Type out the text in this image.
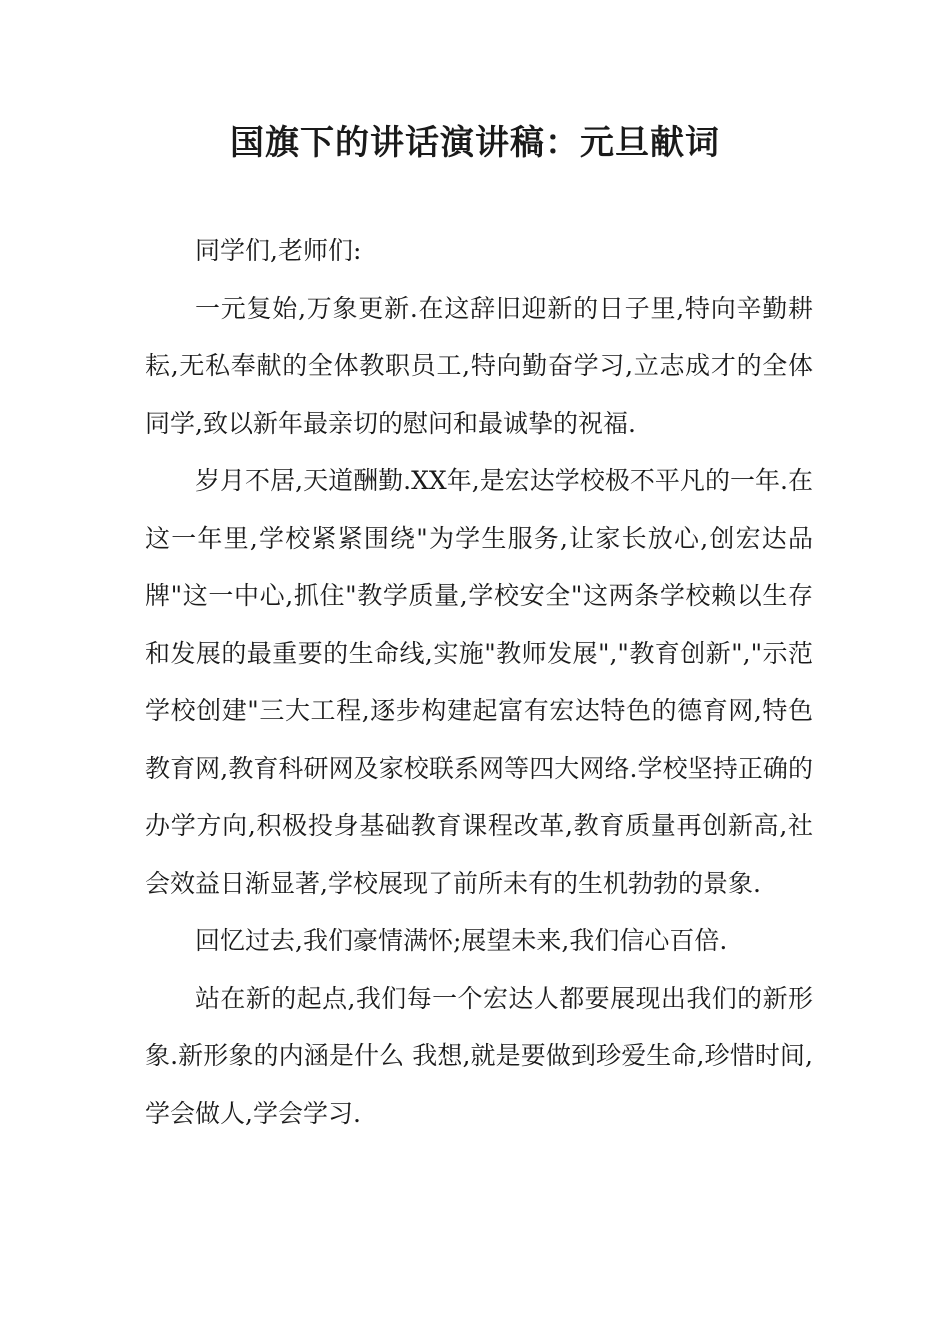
国旗下的讲话演讲稿：元旦献词

同学们,老师们:

一元复始,万象更新.在这辞旧迎新的日子里,特向辛勤耕耘,无私奉献的全体教职员工,特向勤奋学习,立志成才的全体同学,致以新年最亲切的慰问和最诚挚的祝福.

岁月不居,天道酬勤.XX年,是宏达学校极不平凡的一年.在这一年里,学校紧紧围绕"为学生服务,让家长放心,创宏达品牌"这一中心,抓住"教学质量,学校安全"这两条学校赖以生存和发展的最重要的生命线,实施"教师发展","教育创新","示范学校创建"三大工程,逐步构建起富有宏达特色的德育网,特色教育网,教育科研网及家校联系网等四大网络.学校坚持正确的办学方向,积极投身基础教育课程改革,教育质量再创新高,社会效益日渐显著,学校展现了前所未有的生机勃勃的景象.

回忆过去,我们豪情满怀;展望未来,我们信心百倍.

站在新的起点,我们每一个宏达人都要展现出我们的新形象.新形象的内涵是什么 我想,就是要做到珍爱生命,珍惜时间,学会做人,学会学习.
